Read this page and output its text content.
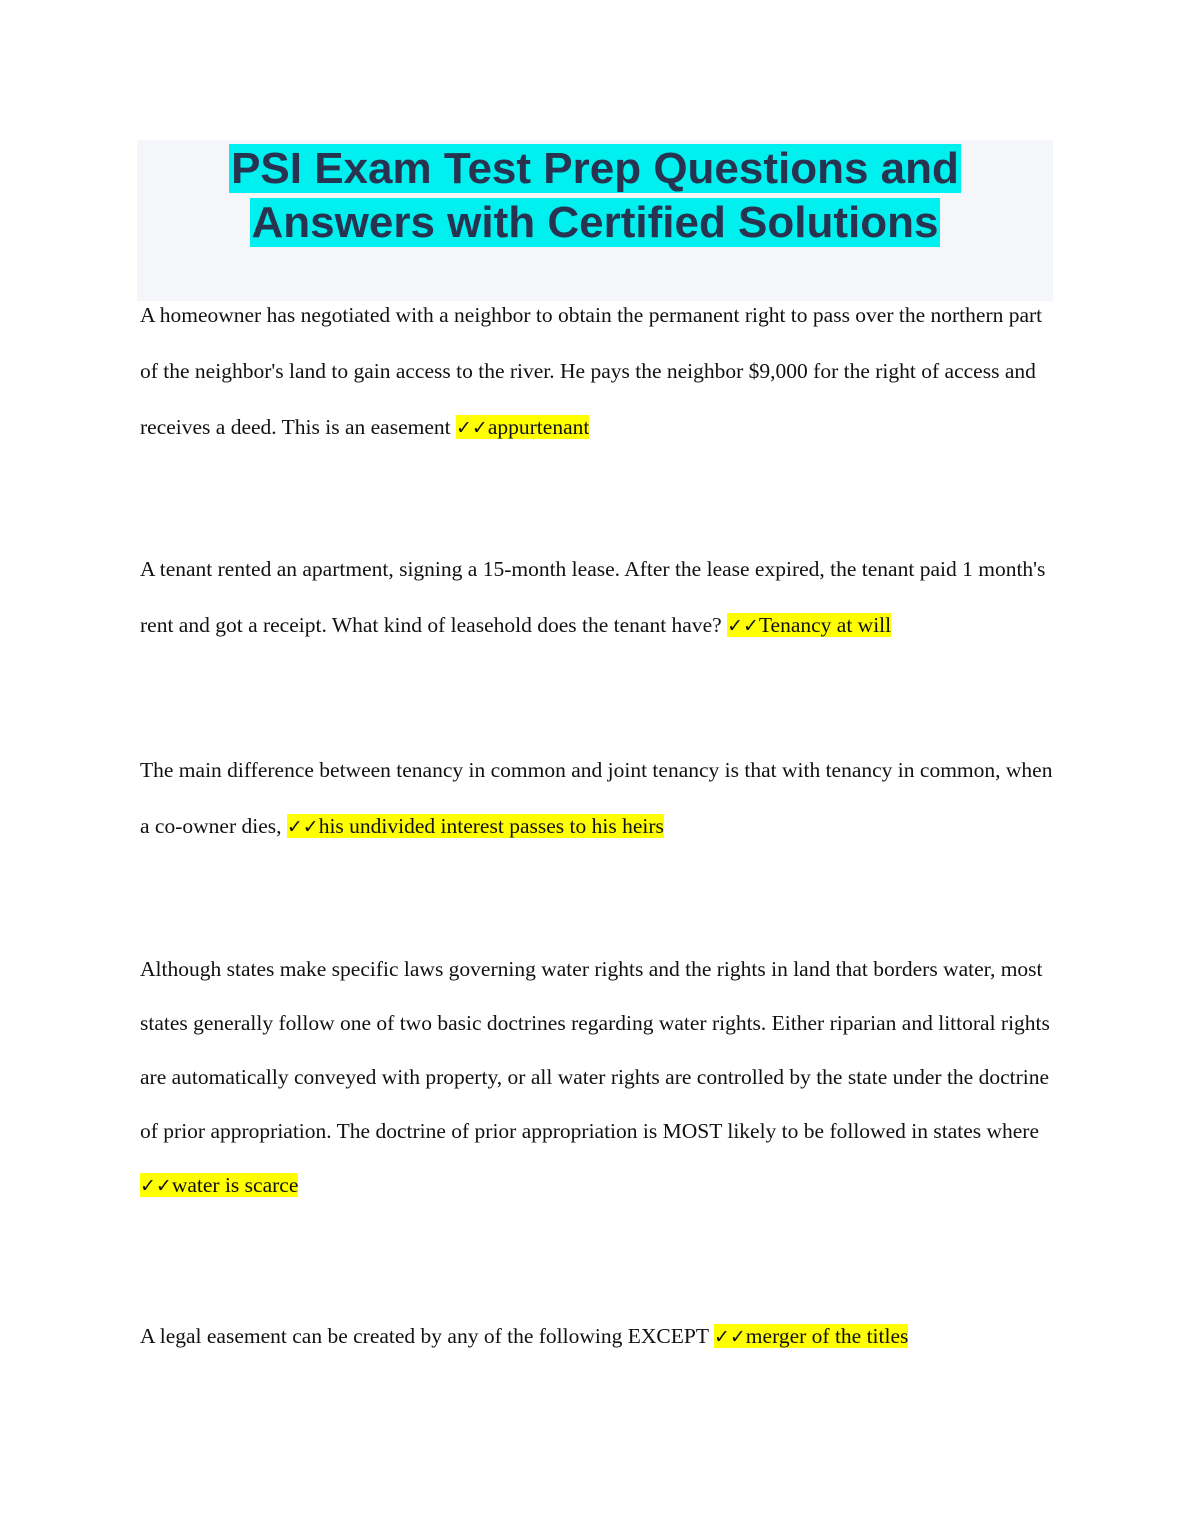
PSI Exam Test Prep Questions and
Answers with Certified Solutions
A homeowner has negotiated with a neighbor to obtain the permanent right to pass over the northern part of the neighbor's land to gain access to the river. He pays the neighbor $9,000 for the right of access and receives a deed. This is an easement ✓✓appurtenant
A tenant rented an apartment, signing a 15-month lease. After the lease expired, the tenant paid 1 month's rent and got a receipt. What kind of leasehold does the tenant have? ✓✓Tenancy at will
The main difference between tenancy in common and joint tenancy is that with tenancy in common, when a co-owner dies, ✓✓his undivided interest passes to his heirs
Although states make specific laws governing water rights and the rights in land that borders water, most states generally follow one of two basic doctrines regarding water rights. Either riparian and littoral rights are automatically conveyed with property, or all water rights are controlled by the state under the doctrine of prior appropriation. The doctrine of prior appropriation is MOST likely to be followed in states where ✓✓water is scarce
A legal easement can be created by any of the following EXCEPT ✓✓merger of the titles
